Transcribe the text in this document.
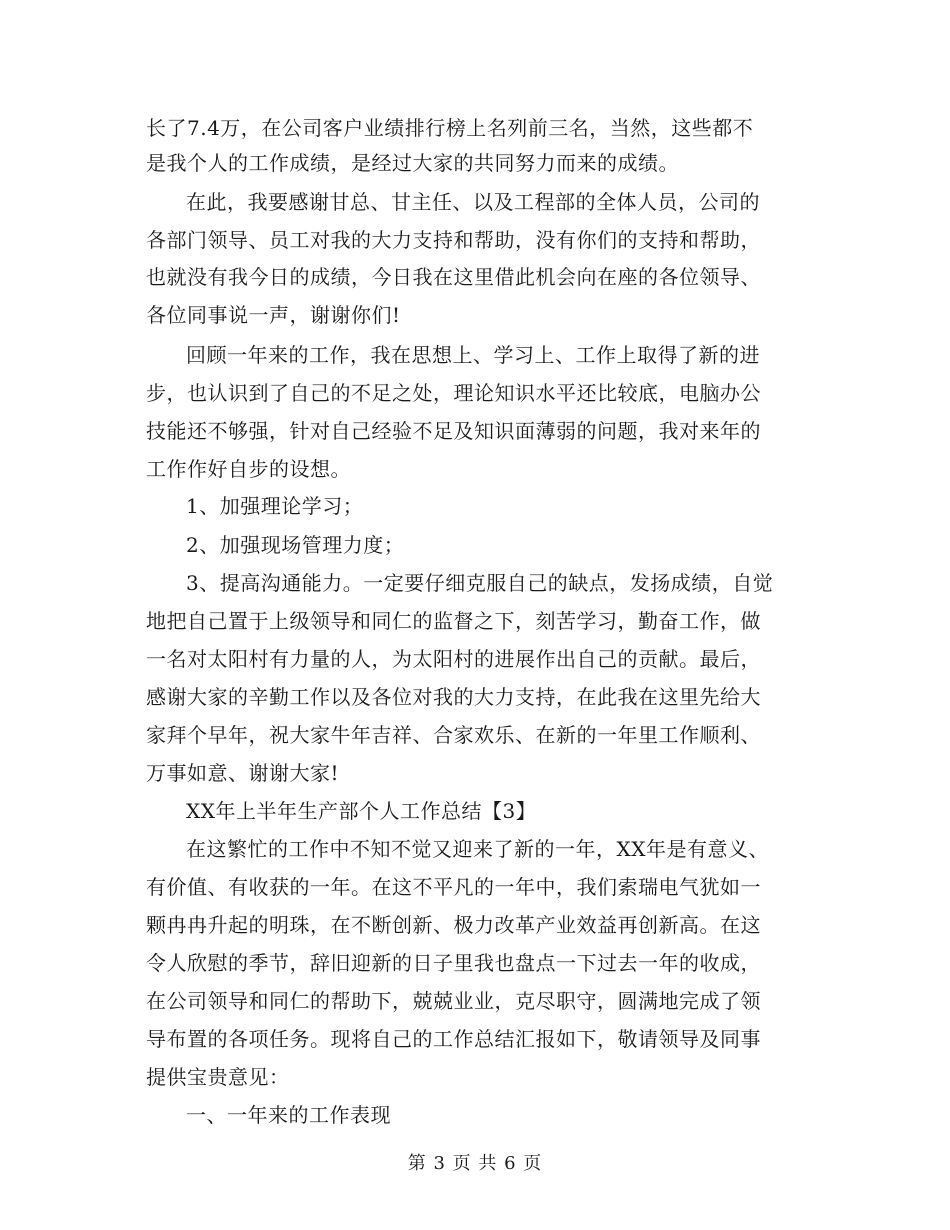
长了7.4万，在公司客户业绩排行榜上名列前三名，当然，这些都不
是我个人的工作成绩，是经过大家的共同努力而来的成绩。
在此，我要感谢甘总、甘主任、以及工程部的全体人员，公司的
各部门领导、员工对我的大力支持和帮助，没有你们的支持和帮助，
也就没有我今日的成绩，今日我在这里借此机会向在座的各位领导、
各位同事说一声，谢谢你们!
回顾一年来的工作，我在思想上、学习上、工作上取得了新的进
步，也认识到了自己的不足之处，理论知识水平还比较底，电脑办公
技能还不够强，针对自己经验不足及知识面薄弱的问题，我对来年的
工作作好自步的设想。
1、加强理论学习；
2、加强现场管理力度；
3、提高沟通能力。一定要仔细克服自己的缺点，发扬成绩，自觉
地把自己置于上级领导和同仁的监督之下，刻苦学习，勤奋工作，做
一名对太阳村有力量的人，为太阳村的进展作出自己的贡献。最后，
感谢大家的辛勤工作以及各位对我的大力支持，在此我在这里先给大
家拜个早年，祝大家牛年吉祥、合家欢乐、在新的一年里工作顺利、
万事如意、谢谢大家!
XX年上半年生产部个人工作总结【3】
在这繁忙的工作中不知不觉又迎来了新的一年，XX年是有意义、
有价值、有收获的一年。在这不平凡的一年中，我们索瑞电气犹如一
颗冉冉升起的明珠，在不断创新、极力改革产业效益再创新高。在这
令人欣慰的季节，辞旧迎新的日子里我也盘点一下过去一年的收成，
在公司领导和同仁的帮助下，兢兢业业，克尽职守，圆满地完成了领
导布置的各项任务。现将自己的工作总结汇报如下，敬请领导及同事
提供宝贵意见：
一、一年来的工作表现
第 3 页 共 6 页
